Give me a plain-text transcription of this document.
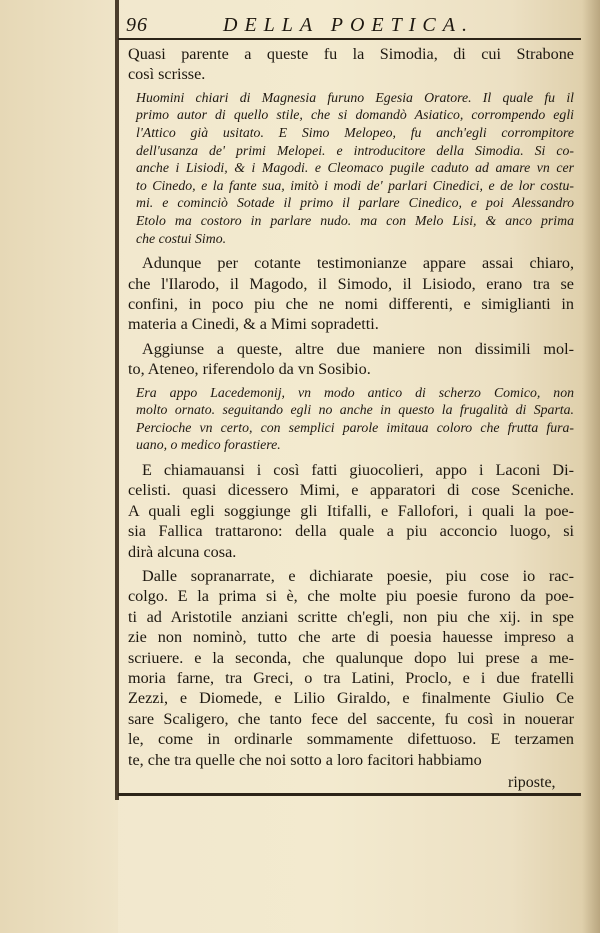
96	DELLA POETICA.
Quasi parente a queste fu la Simodia, di cui Strabone
così scrisse.
Huomini chiari di Magnesia furuno Egesia Oratore. Il quale fu il
primo autor di quello stile, che si domandò Asiatico, corrompendo egli
l'Attico già usitato. E Simo Melopeo, fu anch'egli corrompitore
dell'usanza de' primi Melopei. e introducitore della Simodia. Si co-
anche i Lisiodi, & i Magodi. e Cleomaco pugile caduto ad amare vn cer
to Cinedo, e la fante sua, imitò i modi de' parlari Cinedici, e de lor costu-
mi. e cominciò Sotade il primo il parlare Cinedico, e poi Alessandro
Etolo ma costoro in parlare nudo. ma con Melo Lisi, & anco prima
che costui Simo.
Adunque per cotante testimonianze appare assai chiaro,
che l'Ilarodo, il Magodo, il Simodo, il Lisiodo, erano tra se
confini, in poco piu che ne nomi differenti, e simiglianti in
materia a Cinedi, & a Mimi sopradetti.
Aggiunse a queste, altre due maniere non dissimili mol-
to, Ateneo, riferendolo da vn Sosibio.
Era appo Lacedemonij, vn modo antico di scherzo Comico, non
molto ornato. seguitando egli no anche in questo la frugalità di Sparta.
Percioche vn certo, con semplici parole imitaua coloro che frutta fura-
uano, o medico forastiere.
E chiamauansi i così fatti giuocolieri, appo i Laconi Di-
celisti. quasi dicessero Mimi, e apparatori di cose Sceniche.
A quali egli soggiunge gli Itifalli, e Fallofori, i quali la poe-
sia Fallica trattarono: della quale a piu acconcio luogo, si
dirà alcuna cosa.
Dalle sopranarrate, e dichiarate poesie, piu cose io rac-
colgo. E la prima si è, che molte piu poesie furono da poe-
ti ad Aristotile anziani scritte ch'egli, non piu che xij. in spe
zie non nominò, tutto che arte di poesia hauesse impreso a
scriuere. e la seconda, che qualunque dopo lui prese a me-
moria farne, tra Greci, o tra Latini, Proclo, e i due fratelli
Zezzi, e Diomede, e Lilio Giraldo, e finalmente Giulio Ce
sare Scaligero, che tanto fece del saccente, fu così in nouerar
le, come in ordinarle sommamente difettuoso. E terzamen
te, che tra quelle che noi sotto a loro facitori habbiamo
riposte,
